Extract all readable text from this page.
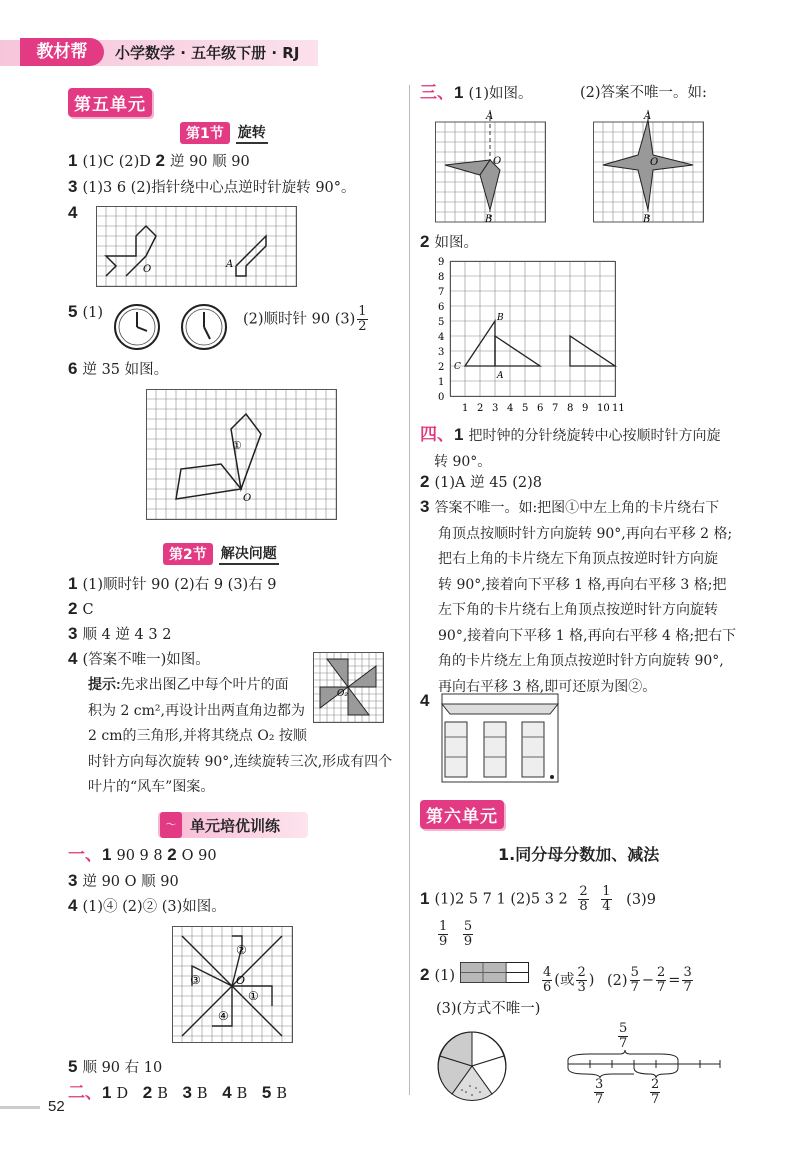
教材帮	小学数学 · 五年级下册 · RJ
第五单元
第1节	旋转
1 (1)C (2)D 2 逆 90 顺 90
3 (1)3 6 (2)指针绕中心点逆时针旋转 90°。
4
O	A
5 (1)	(2)顺时针 90 $(3) \frac{1}{2}$
6 逆 35 如图。
O
①
第2节	解决问题
1 (1)顺时针 90 (2)右 9 (3)右 9
2 C
3 顺 4 逆 4 3 2
4 (答案不唯一)如图。
O₂
提示:先求出图乙中每个叶片的面
积为 2 cm²,再设计出两直角边都为
2 cm的三角形,并将其绕点 O₂ 按顺
时针方向每次旋转 90°,连续旋转三次,形成有四个
叶片的“风车”图案。
〜 单元培优训练
一、1 90 9 8 2 O 90
3 逆 90 O 顺 90
4 (1)④ (2)② (3)如图。
O
②
③
①
④
5 顺 90 右 10
二、1 D 2 B 3 B 4 B 5 B
52
三、1 (1)如图。	(2)答案不唯一。如:
A
O
B
A
O
B
2 如图。
1 2 3 4 5 6 7 8 9 10 11
0
1
2
3
4
5
6
7
8
9
B
C
A
四、1 把时钟的分针绕旋转中心按顺时针方向旋
转 90°。
2 (1)A 逆 45 (2)8
3 答案不唯一。如:把图①中左上角的卡片绕右下
角顶点按顺时针方向旋转 90°,再向右平移 2 格;
把右上角的卡片绕左下角顶点按逆时针方向旋
转 90°,接着向下平移 1 格,再向右平移 3 格;把
左下角的卡片绕右上角顶点按逆时针方向旋转
90°,接着向下平移 1 格,再向右平移 4 格;把右下
角的卡片绕左上角顶点按逆时针方向旋转 90°,
再向右平移 3 格,即可还原为图②。
4
第六单元
1.同分母分数加、减法
1 (1)2 5 7 1 (2)5 3 $2 \frac{2}{8}$
$\frac{1}{4} (3)9$
$\frac{1}{9}$
$\frac{5}{9}$
2 (1)	$\frac{4}{6}$ (或 $\frac{2}{3}$ ) $(2) \frac{5}{7} - \frac{2}{7} = \frac{3}{7}$
(3)(方式不唯一)
$\frac{5}{7}$
$\frac{3}{7}$	$\frac{2}{7}$
